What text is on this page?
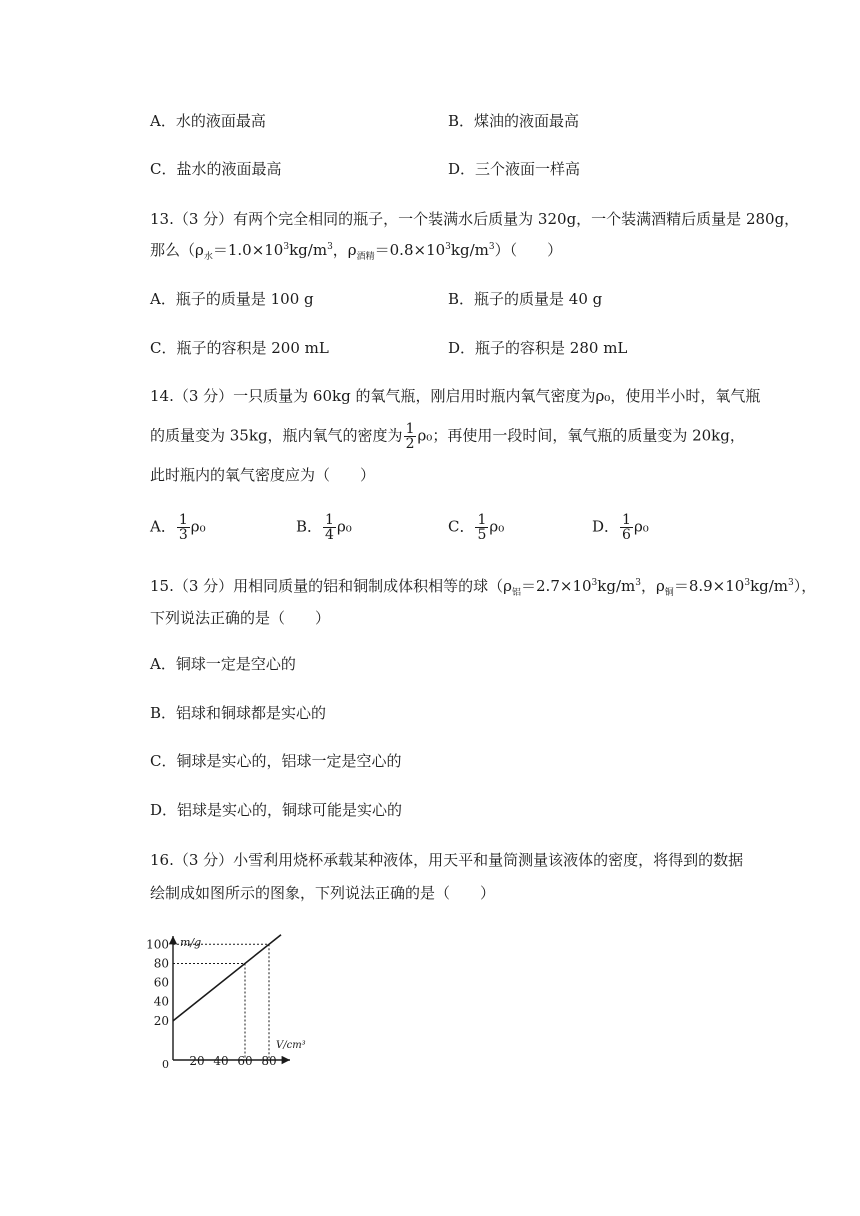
A．水的液面最高	B．煤油的液面最高
C．盐水的液面最高	D．三个液面一样高
13.（3 分）有两个完全相同的瓶子，一个装满水后质量为 320g，一个装满酒精后质量是 280g，
那么（$\rho_水=1.0\times 10^3kg/m^3$，$\rho_{酒精}=0.8\times 10^3kg/m^3$）（　　）
A．瓶子的质量是 100 g	B．瓶子的质量是 40 g
C．瓶子的容积是 200 mL	D．瓶子的容积是 280 mL
14.（3 分）一只质量为 60kg 的氧气瓶，刚启用时瓶内氧气密度为ρ₀，使用半小时，氧气瓶
的质量变为 35kg，瓶内氧气的密度为 $\frac{1}{2} \rho_0$；再使用一段时间，氧气瓶的质量变为 20kg，
此时瓶内的氧气密度应为（　　）
A． $\frac{1}{3} \rho_0$	B． $\frac{1}{4} \rho_0$	C． $\frac{1}{5} \rho_0$	D． $\frac{1}{6} \rho_0$
15.（3 分）用相同质量的铝和铜制成体积相等的球（$\rho_铝=2.7\times 10^3kg/m^3$，$\rho_铜=8.9\times 10^3kg/m^3$），
下列说法正确的是（　　）
A．铜球一定是空心的
B．铝球和铜球都是实心的
C．铜球是实心的，铝球一定是空心的
D．铝球是实心的，铜球可能是实心的
16.（3 分）小雪利用烧杯承载某种液体，用天平和量筒测量该液体的密度，将得到的数据
绘制成如图所示的图象，下列说法正确的是（　　）
m/g
V/cm³
0
20
40
60
80
100
20 40 60 80
